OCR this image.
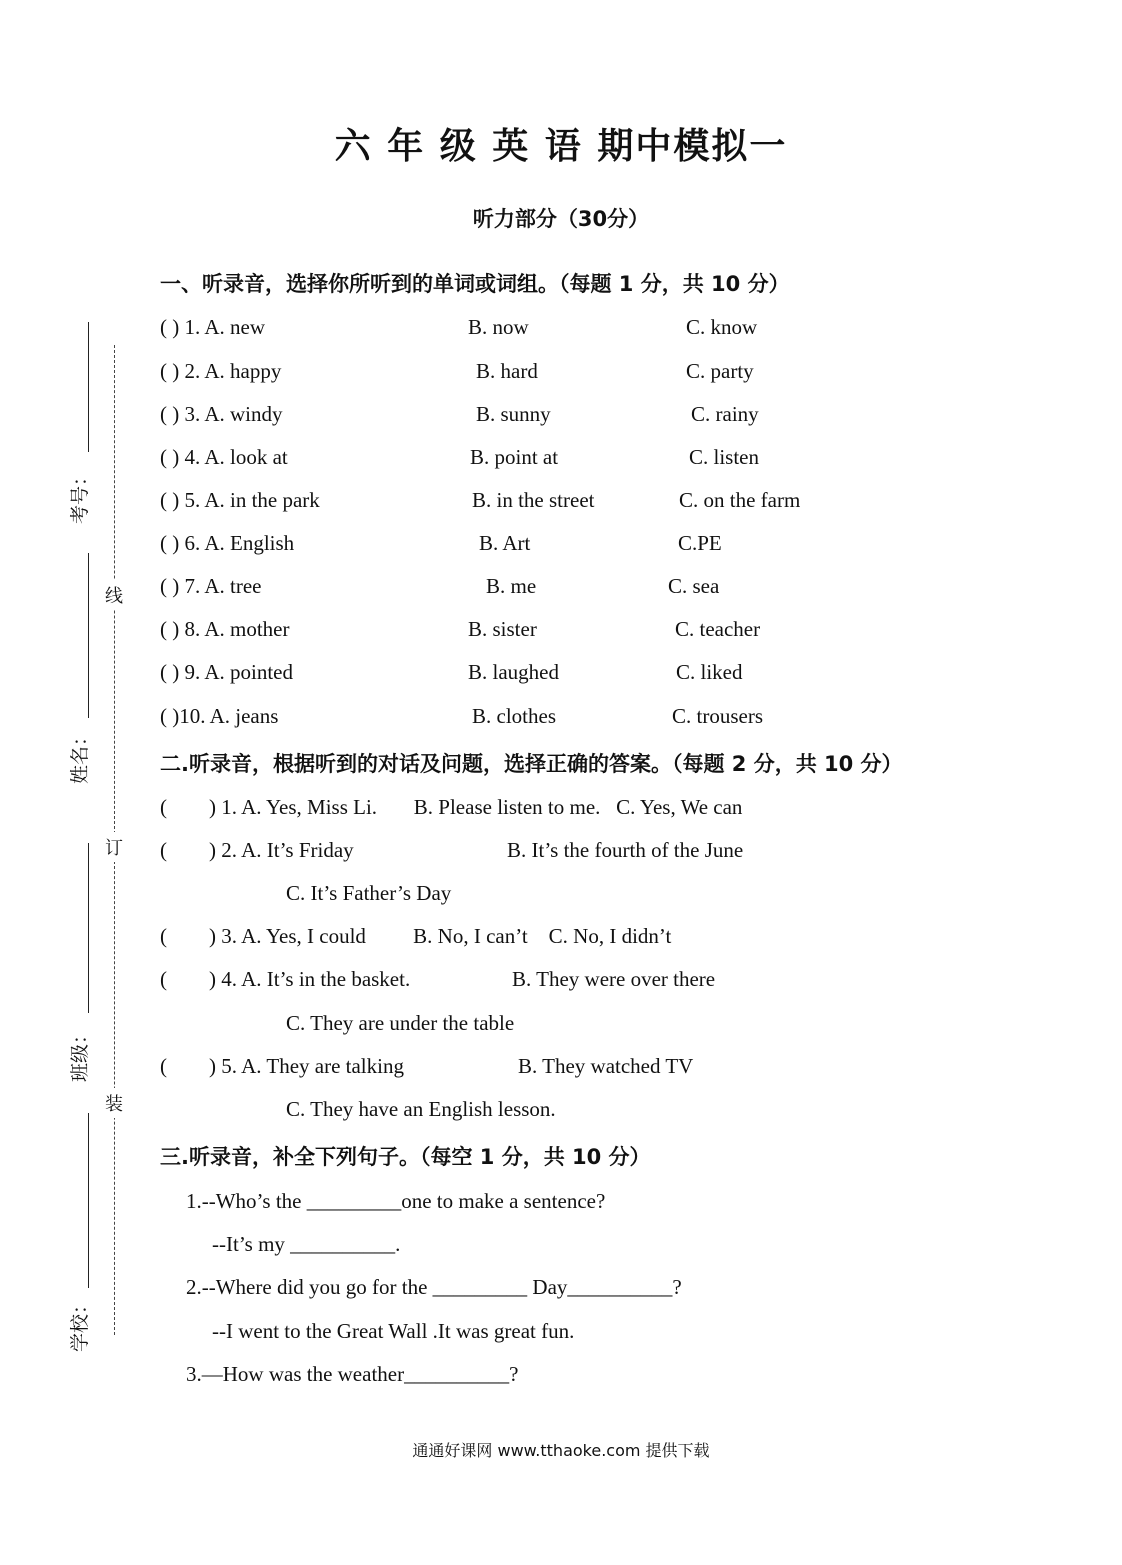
考号：
姓名：
班级：
学校：
线
订
装
六 年 级 英 语 期中模拟一
听力部分（30分）
一、听录音，选择你所听到的单词或词组。（每题 1 分，共 10 分）
( ) 1. A. new	B. now	C. know
( ) 2. A. happy	B. hard	C. party
( ) 3. A. windy	B. sunny	C. rainy
( ) 4. A. look at	B. point at	C. listen
( ) 5. A. in the park	B. in the street	C. on the farm
( ) 6. A. English	B. Art	C.PE
( ) 7. A. tree	B. me	C. sea
( ) 8. A. mother	B. sister	C. teacher
( ) 9. A. pointed	B. laughed	C. liked
( )10. A. jeans	B. clothes	C. trousers
二.听录音，根据听到的对话及问题，选择正确的答案。（每题 2 分，共 10 分）
(        ) 1. A. Yes, Miss Li.       B. Please listen to me.   C. Yes, We can
(        ) 2. A. It’s Friday	B. It’s the fourth of the June
C. It’s Father’s Day
(        ) 3. A. Yes, I could         B. No, I can’t    C. No, I didn’t
(        ) 4. A. It’s in the basket.	B. They were over there
C. They are under the table
(        ) 5. A. They are talking	B. They watched TV
C. They have an English lesson.
三.听录音，补全下列句子。（每空 1 分，共 10 分）
1.--Who’s the _________one to make a sentence?
--It’s my __________.
2.--Where did you go for the _________ Day__________?
--I went to the Great Wall .It was great fun.
3.—How was the weather__________?
通通好课网 www.tthaoke.com 提供下载
